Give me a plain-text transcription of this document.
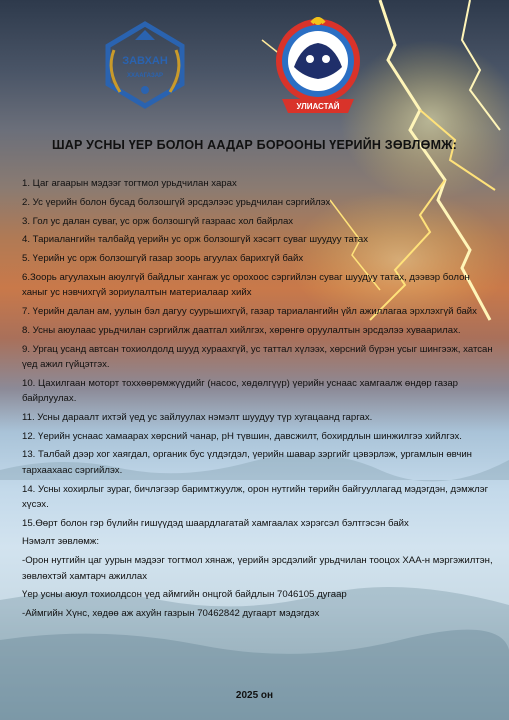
ЗАВХАН
ХХААГАЗАР
УЛИАСТАЙ
ШАР УСНЫ ҮЕР БОЛОН ААДАР БОРООНЫ ҮЕРИЙН ЗӨВЛӨМЖ:
1. Цаг агаарын мэдээг тогтмол урьдчилан харах
2. Ус үерийн болон бусад болзошгүй эрсдэлээс урьдчилан сэргийлэх
3. Гол ус далан суваг, ус орж болзошгүй газраас хол байрлах
4. Тариалангийн талбайд үерийн ус орж болзошгүй хэсэгт суваг шуудуу татах
5. Үерийн ус орж болзошгүй газар зоорь агуулах барихгүй байх
6.Зоорь агуулахын аюулгүй байдлыг хангаж ус орохоос сэргийлэн суваг шуудуу татах, дээвэр болон ханыг ус нэвчихгүй зориулалтын материалаар хийх
7. Үерийн далан ам, уулын бэл дагуу суурьшихгүй, газар тариалангийн үйл ажиллагаа эрхлэхгүй байх
8. Усны аюулаас урьдчилан сэргийлж даатгал хийлгэх, хөрөнгө оруулалтын эрсдэлээ хуваарилах.
9. Ургац усанд автсан тохиолдолд шууд хураахгүй, ус таттал хүлээх, хөрсний бүрэн усыг шингээж, хатсан үед ажил гүйцэтгэх.
10. Цахилгаан моторт тоххөөрөмжүүдийг (насос, хөдөлгүүр) үерийн уснаас хамгаалж өндөр газар байрлуулах.
11. Усны дараалт ихтэй үед ус зайлуулах нэмэлт шуудуу түр хугацаанд гаргах.
12. Үерийн уснаас хамаарах хөрсний чанар, pH түвшин, давсжилт, бохирдлын шинжилгээ хийлгэх.
13. Талбай дээр хог хаягдал, органик бус үлдэгдэл, үерийн шавар зэргийг цэвэрлэж, ургамлын өвчин тархаахаас сэргийлэх.
14. Усны хохирлыг зураг, бичлэгээр баримтжуулж, орон нутгийн төрийн байгууллагад мэдэгдэн, дэмжлэг хүсэх.
15.Өөрт болон гэр бүлийн гишүүдэд шаардлагатай хамгаалах хэрэгсэл бэлтгэсэн байх
Нэмэлт зөвлөмж:
-Орон нутгийн цаг уурын мэдээг тогтмол хянаж, үерийн эрсдэлийг урьдчилан тооцох ХАА-н мэргэжилтэн, зөвлөхтэй хамтарч ажиллах
Үер усны аюул тохиолдсон үед аймгийн онцгой байдлын 7046105 дугаар
-Аймгийн Хүнс, хөдөө аж ахуйн газрын 70462842 дугаарт мэдэгдэх
2025 он
